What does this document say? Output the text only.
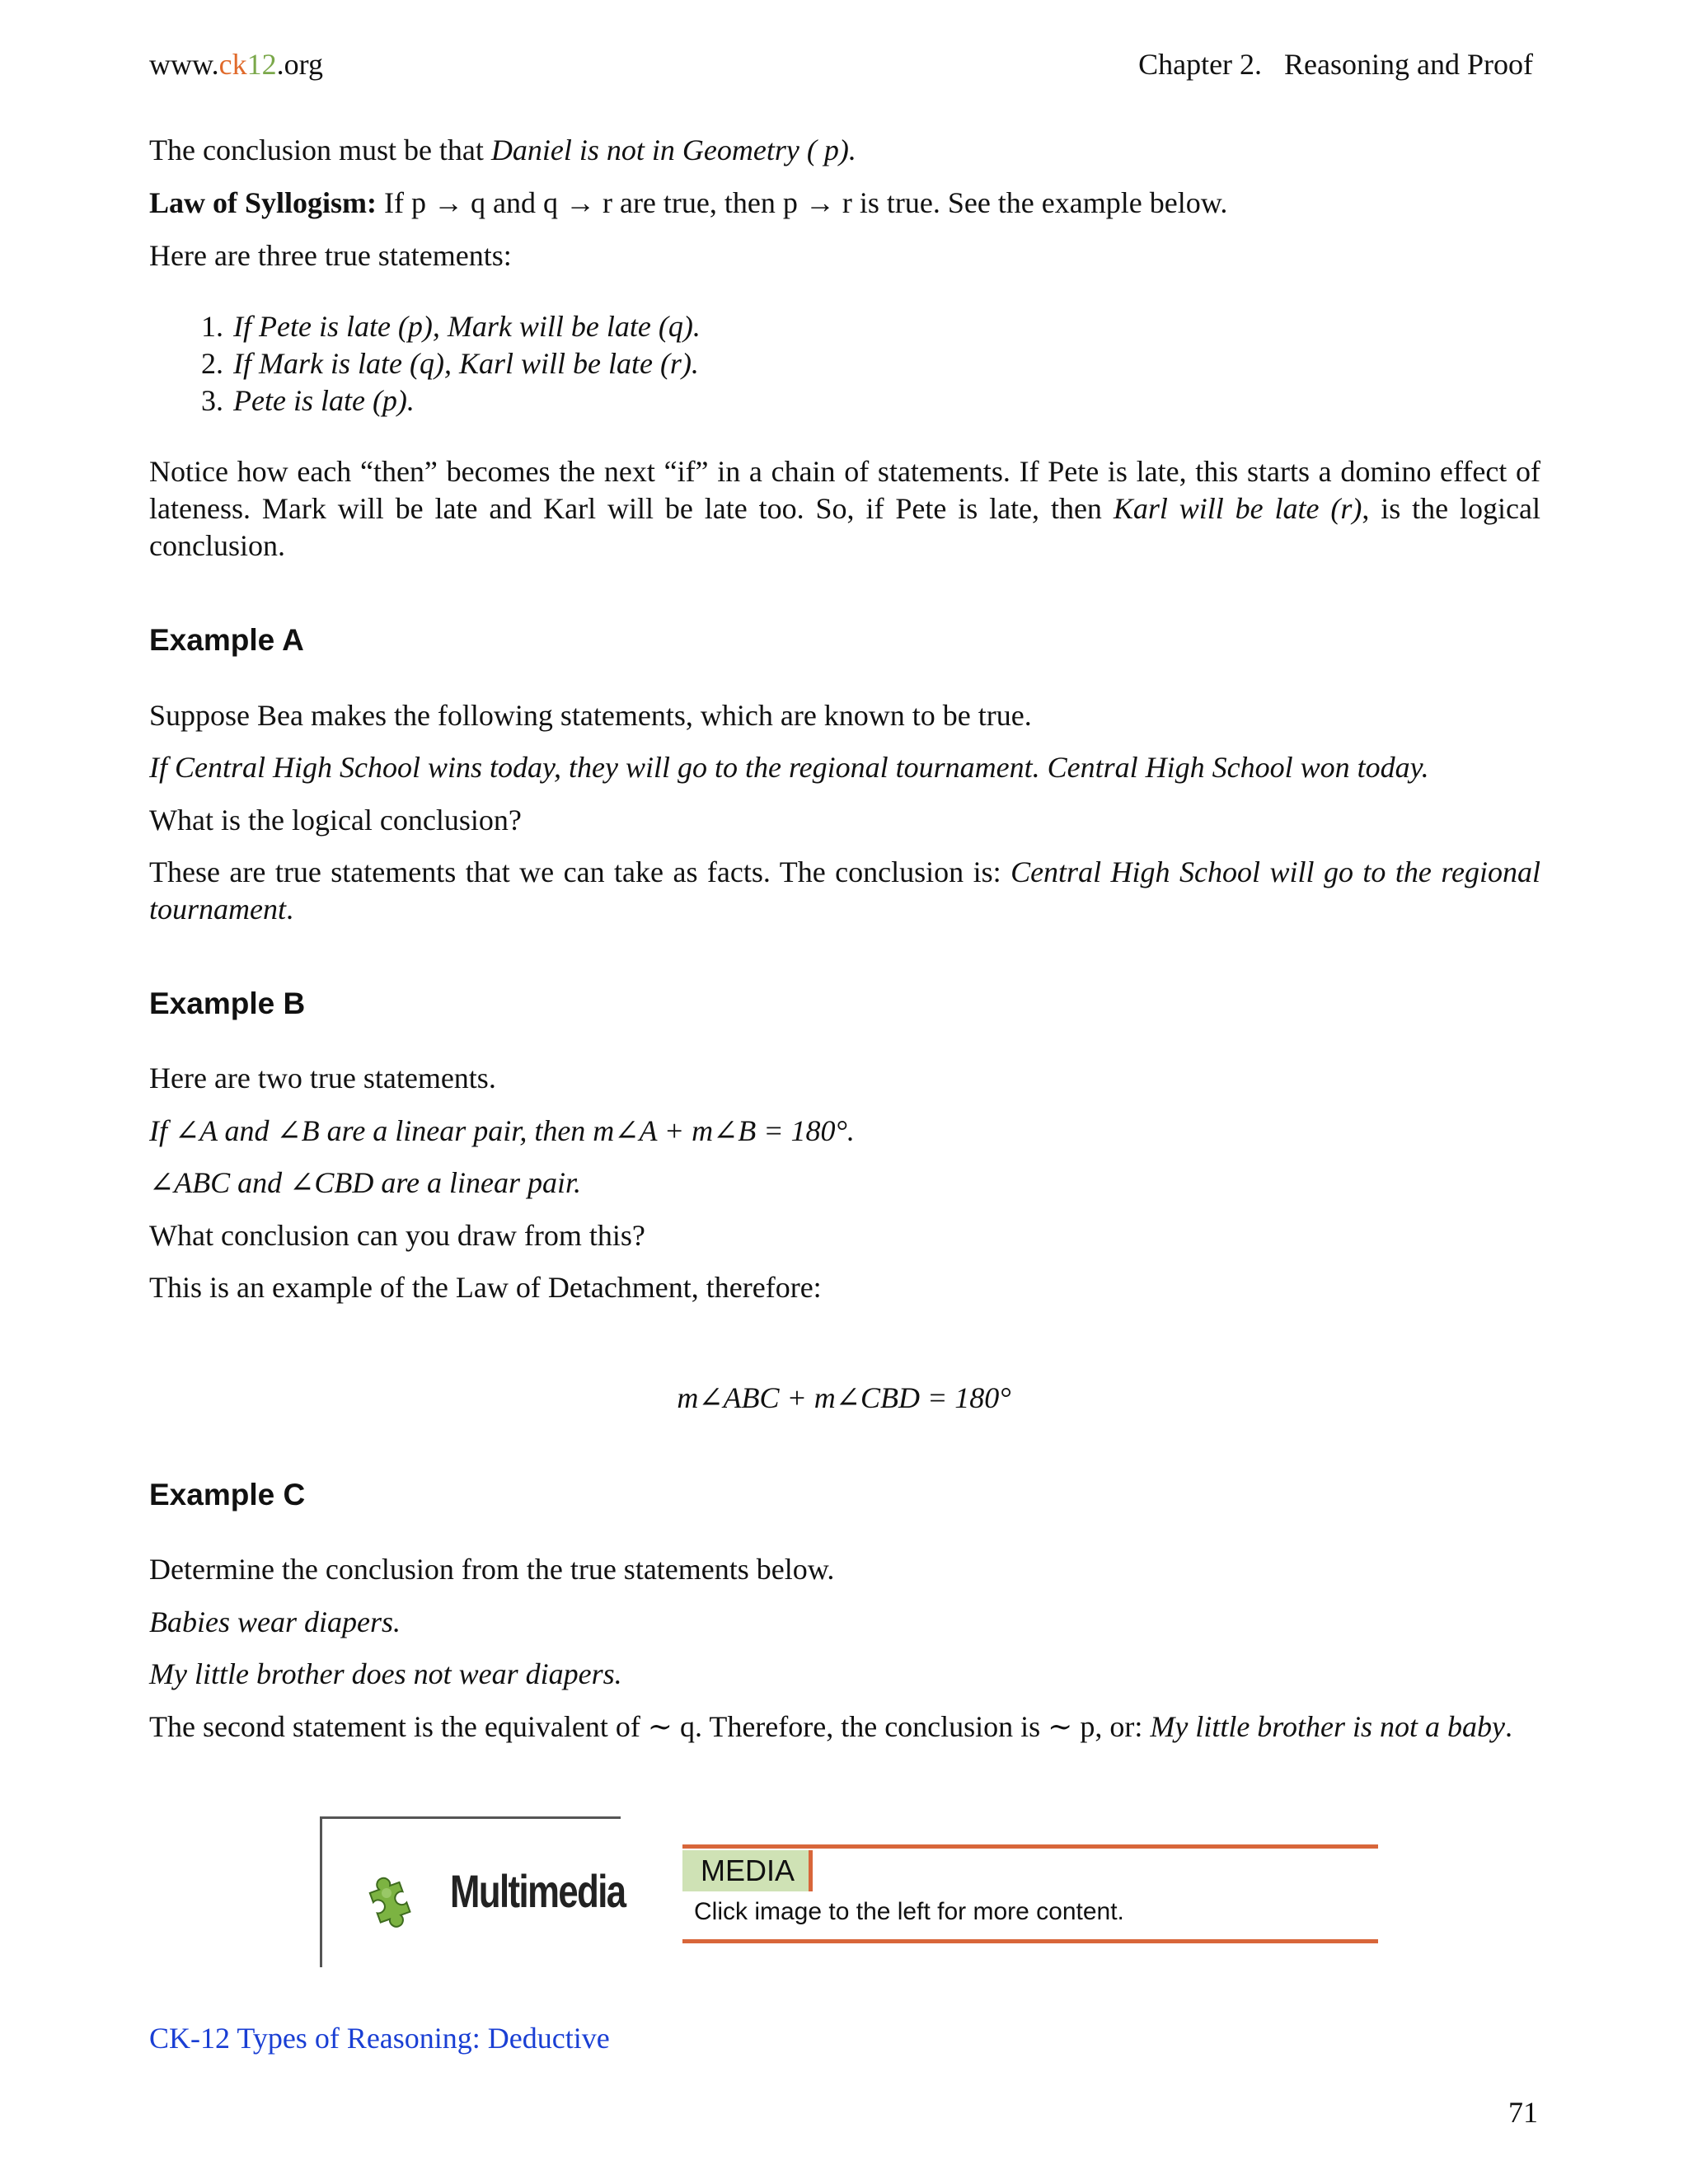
www.ck12.org	Chapter 2.   Reasoning and Proof
The conclusion must be that Daniel is not in Geometry ( p).
Law of Syllogism: If p → q and q → r are true, then p → r is true. See the example below.
Here are three true statements:
1. If Pete is late (p), Mark will be late (q).
2. If Mark is late (q), Karl will be late (r).
3. Pete is late (p).
Notice how each “then” becomes the next “if” in a chain of statements. If Pete is late, this starts a domino effect of lateness. Mark will be late and Karl will be late too. So, if Pete is late, then Karl will be late (r), is the logical conclusion.
Example A
Suppose Bea makes the following statements, which are known to be true.
If Central High School wins today, they will go to the regional tournament. Central High School won today.
What is the logical conclusion?
These are true statements that we can take as facts. The conclusion is: Central High School will go to the regional tournament.
Example B
Here are two true statements.
If ∠A and ∠B are a linear pair, then m∠A + m∠B = 180°.
∠ABC and ∠CBD are a linear pair.
What conclusion can you draw from this?
This is an example of the Law of Detachment, therefore:
m∠ABC + m∠CBD = 180°
Example C
Determine the conclusion from the true statements below.
Babies wear diapers.
My little brother does not wear diapers.
The second statement is the equivalent of ∼ q. Therefore, the conclusion is ∼ p, or: My little brother is not a baby.
Multimedia	MEDIA
Click image to the left for more content.
CK-12 Types of Reasoning: Deductive
71
